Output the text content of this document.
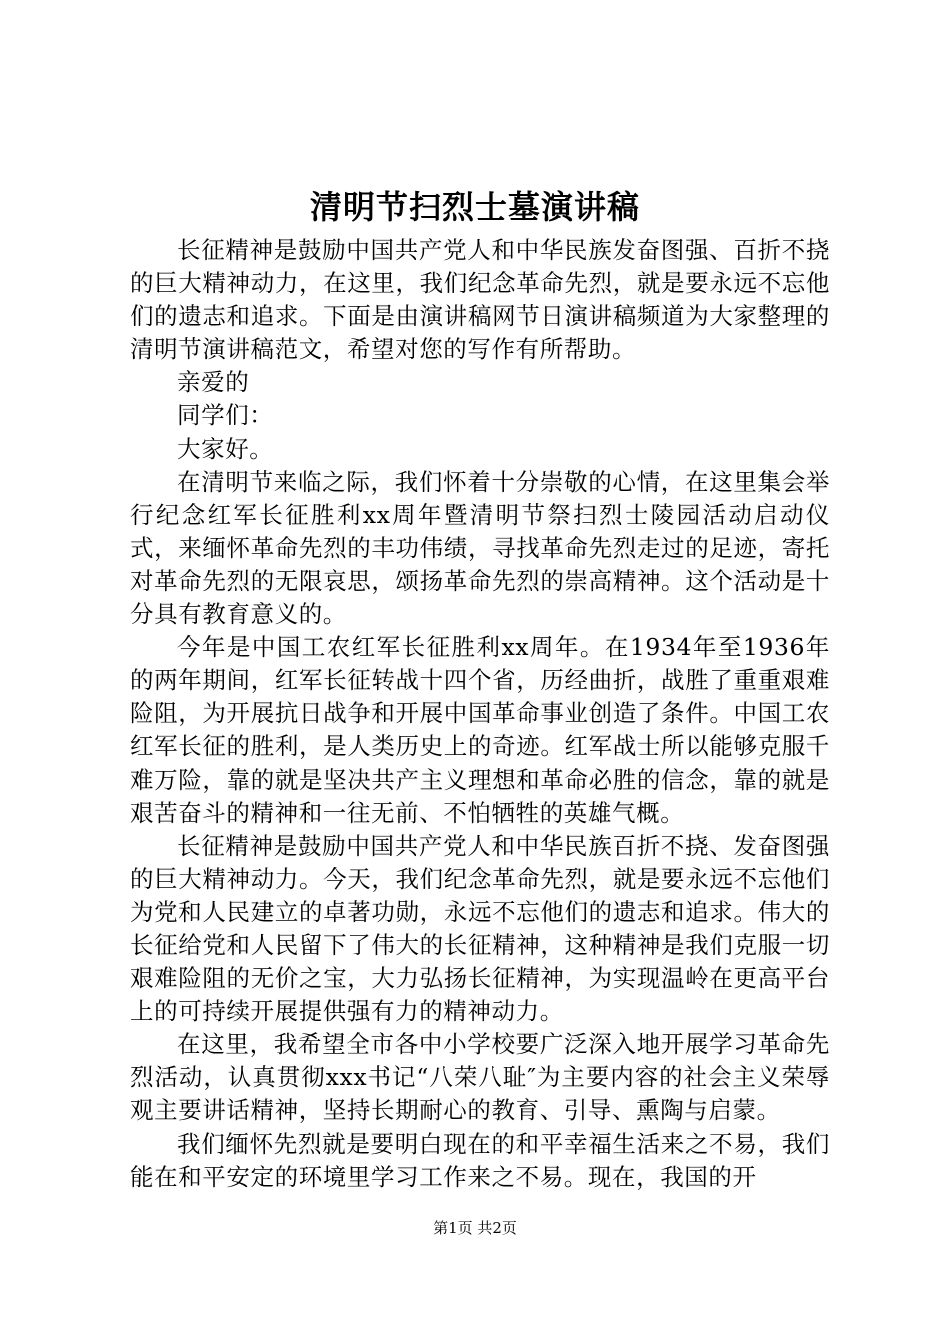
清明节扫烈士墓演讲稿

长征精神是鼓励中国共产党人和中华民族发奋图强、百折不挠的巨大精神动力，在这里，我们纪念革命先烈，就是要永远不忘他们的遗志和追求。下面是由演讲稿网节日演讲稿频道为大家整理的清明节演讲稿范文，希望对您的写作有所帮助。

亲爱的

同学们：

大家好。

在清明节来临之际，我们怀着十分崇敬的心情，在这里集会举行纪念红军长征胜利xx周年暨清明节祭扫烈士陵园活动启动仪式，来缅怀革命先烈的丰功伟绩，寻找革命先烈走过的足迹，寄托对革命先烈的无限哀思，颂扬革命先烈的崇高精神。这个活动是十分具有教育意义的。

今年是中国工农红军长征胜利xx周年。在1934年至1936年的两年期间，红军长征转战十四个省，历经曲折，战胜了重重艰难险阻，为开展抗日战争和开展中国革命事业创造了条件。中国工农红军长征的胜利，是人类历史上的奇迹。红军战士所以能够克服千难万险，靠的就是坚决共产主义理想和革命必胜的信念，靠的就是艰苦奋斗的精神和一往无前、不怕牺牲的英雄气概。

长征精神是鼓励中国共产党人和中华民族百折不挠、发奋图强的巨大精神动力。今天，我们纪念革命先烈，就是要永远不忘他们为党和人民建立的卓著功勋，永远不忘他们的遗志和追求。伟大的长征给党和人民留下了伟大的长征精神，这种精神是我们克服一切艰难险阻的无价之宝，大力弘扬长征精神，为实现温岭在更高平台上的可持续开展提供强有力的精神动力。

在这里，我希望全市各中小学校要广泛深入地开展学习革命先烈活动，认真贯彻xxx书记“八荣八耻″为主要内容的社会主义荣辱观主要讲话精神，坚持长期耐心的教育、引导、熏陶与启蒙。

我们缅怀先烈就是要明白现在的和平幸福生活来之不易，我们能在和平安定的环境里学习工作来之不易。现在，我国的开

第1页 共2页
